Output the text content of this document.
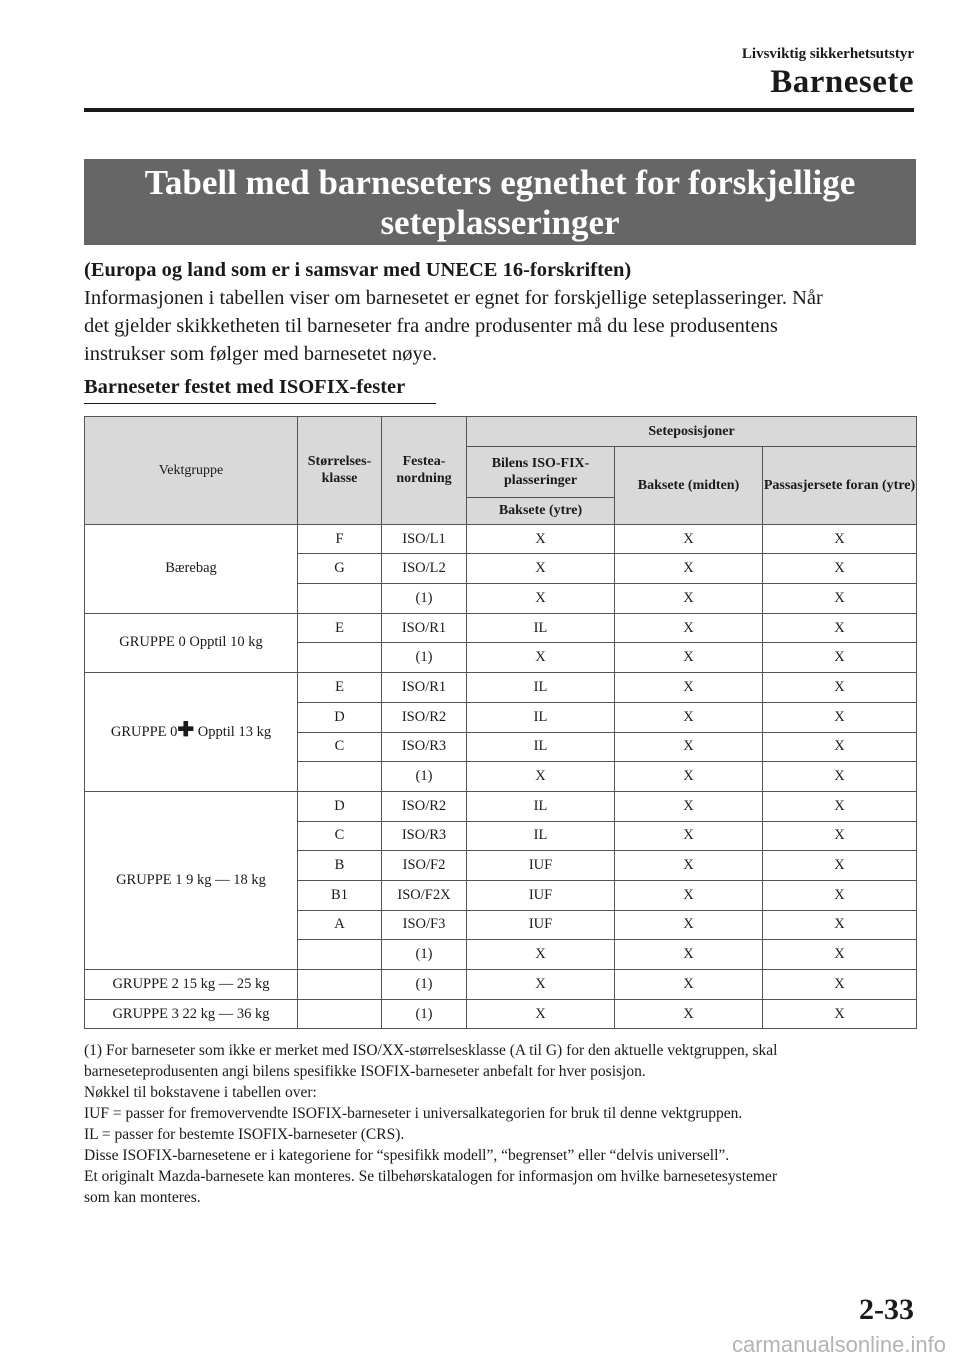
Livsviktig sikkerhetsutstyr
Barnesete
Tabell med barneseters egnethet for forskjellige
seteplasseringer
(Europa og land som er i samsvar med UNECE 16-forskriften)
Informasjonen i tabellen viser om barnesetet er egnet for forskjellige seteplasseringer. Når
det gjelder skikketheten til barneseter fra andre produsenter må du lese produsentens
instrukser som følger med barnesetet nøye.
Barneseter festet med ISOFIX-fester
Vektgruppe	Størrelses-klasse	Festea-nordning	Seteposisjoner		
			Bilens ISO-FIX-plasseringer	Baksete (midten)	Passasjersete foran (ytre)
			Baksete (ytre)		
Bærebag	F	ISO/L1	X	X	X
	G	ISO/L2	X	X	X
		(1)	X	X	X
GRUPPE 0 Opptil 10 kg	E	ISO/R1	IL	X	X
		(1)	X	X	X
GRUPPE 0✚ Opptil 13 kg	E	ISO/R1	IL	X	X
	D	ISO/R2	IL	X	X
	C	ISO/R3	IL	X	X
		(1)	X	X	X
GRUPPE 1 9 kg — 18 kg	D	ISO/R2	IL	X	X
	C	ISO/R3	IL	X	X
	B	ISO/F2	IUF	X	X
	B1	ISO/F2X	IUF	X	X
	A	ISO/F3	IUF	X	X
		(1)	X	X	X
GRUPPE 2 15 kg — 25 kg		(1)	X	X	X
GRUPPE 3 22 kg — 36 kg		(1)	X	X	X

(1) For barneseter som ikke er merket med ISO/XX-størrelsesklasse (A til G) for den aktuelle vektgruppen, skal

barneseteprodusenten angi bilens spesifikke ISOFIX-barneseter anbefalt for hver posisjon.

Nøkkel til bokstavene i tabellen over:

IUF = passer for fremovervendte ISOFIX-barneseter i universalkategorien for bruk til denne vektgruppen.

IL = passer for bestemte ISOFIX-barneseter (CRS).

Disse ISOFIX-barnesetene er i kategoriene for “spesifikk modell”, “begrenset” eller “delvis universell”.

Et originalt Mazda-barnesete kan monteres. Se tilbehørskatalogen for informasjon om hvilke barnesetesystemer

som kan monteres.

2-33
carmanualsonline.info
